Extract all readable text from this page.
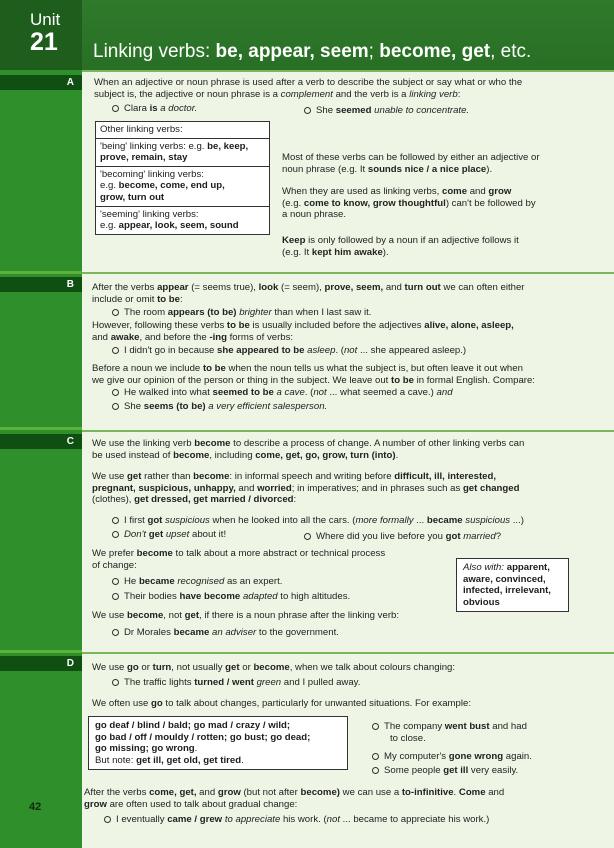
Unit
21	Linking verbs: be, appear, seem; become, get, etc.
A
B
C
D
42
When an adjective or noun phrase is used after a verb to describe the subject or say what or who the
subject is, the adjective or noun phrase is a complement and the verb is a linking verb:
Clara is a doctor.	She seemed unable to concentrate.
Other linking verbs:
'being' linking verbs: e.g. be, keep,
prove, remain, stay
'becoming' linking verbs:
e.g. become, come, end up,
grow, turn out
'seeming' linking verbs:
e.g. appear, look, seem, sound
Most of these verbs can be followed by either an adjective or
noun phrase (e.g. It sounds nice / a nice place).
When they are used as linking verbs, come and grow
(e.g. come to know, grow thoughtful) can't be followed by
a noun phrase.
Keep is only followed by a noun if an adjective follows it
(e.g. It kept him awake).
After the verbs appear (= seems true), look (= seem), prove, seem, and turn out we can often either
include or omit to be:
The room appears (to be) brighter than when I last saw it.
However, following these verbs to be is usually included before the adjectives alive, alone, asleep,
and awake, and before the -ing forms of verbs:
I didn't go in because she appeared to be asleep. (not ... she appeared asleep.)
Before a noun we include to be when the noun tells us what the subject is, but often leave it out when
we give our opinion of the person or thing in the subject. We leave out to be in formal English. Compare:
He walked into what seemed to be a cave. (not ... what seemed a cave.) and
She seems (to be) a very efficient salesperson.
We use the linking verb become to describe a process of change. A number of other linking verbs can
be used instead of become, including come, get, go, grow, turn (into).
We use get rather than become: in informal speech and writing before difficult, ill, interested,
pregnant, suspicious, unhappy, and worried; in imperatives; and in phrases such as get changed
(clothes), get dressed, get married / divorced:
I first got suspicious when he looked into all the cars. (more formally ... became suspicious ...)
Don't get upset about it!	Where did you live before you got married?
We prefer become to talk about a more abstract or technical process
of change:
He became recognised as an expert.
Their bodies have become adapted to high altitudes.
We use become, not get, if there is a noun phrase after the linking verb:
Dr Morales became an adviser to the government.
Also with: apparent,
aware, convinced,
infected, irrelevant,
obvious
We use go or turn, not usually get or become, when we talk about colours changing:
The traffic lights turned / went green and I pulled away.
We often use go to talk about changes, particularly for unwanted situations. For example:
go deaf / blind / bald; go mad / crazy / wild;
go bad / off / mouldy / rotten; go bust; go dead;
go missing; go wrong.
But note: get ill, get old, get tired.
The company went bust and had
to close.
My computer's gone wrong again.
Some people get ill very easily.
After the verbs come, get, and grow (but not after become) we can use a to-infinitive. Come and
grow are often used to talk about gradual change:
I eventually came / grew to appreciate his work. (not ... became to appreciate his work.)
